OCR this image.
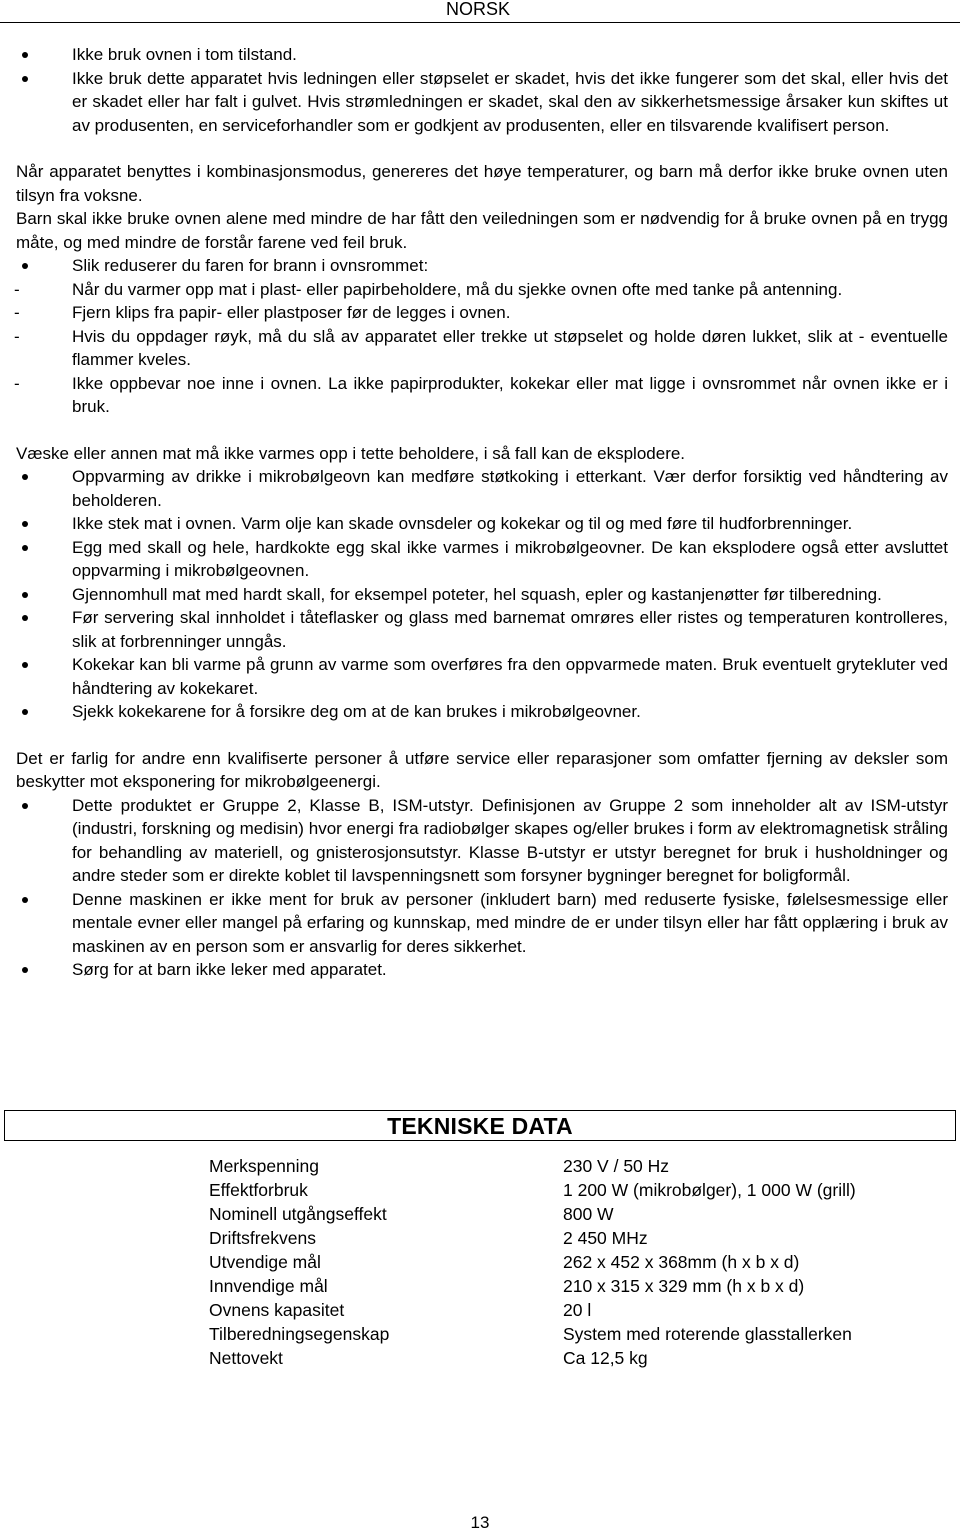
NORSK
Ikke bruk ovnen i tom tilstand.
Ikke bruk dette apparatet hvis ledningen eller støpselet er skadet, hvis det ikke fungerer som det skal, eller hvis det er skadet eller har falt i gulvet. Hvis strømledningen er skadet, skal den av sikkerhetsmessige årsaker kun skiftes ut av produsenten, en serviceforhandler som er godkjent av produsenten, eller en tilsvarende kvalifisert person.

Når apparatet benyttes i kombinasjonsmodus, genereres det høye temperaturer, og barn må derfor ikke bruke ovnen uten tilsyn fra voksne.

Barn skal ikke bruke ovnen alene med mindre de har fått den veiledningen som er nødvendig for å bruke ovnen på en trygg måte, og med mindre de forstår farene ved feil bruk.

Slik reduserer du faren for brann i ovnsrommet:
-	Når du varmer opp mat i plast- eller papirbeholdere, må du sjekke ovnen ofte med tanke på antenning.
-	Fjern klips fra papir- eller plastposer før de legges i ovnen.
-	Hvis du oppdager røyk, må du slå av apparatet eller trekke ut støpselet og holde døren lukket, slik at - eventuelle flammer kveles.
-	Ikke oppbevar noe inne i ovnen. La ikke papirprodukter, kokekar eller mat ligge i ovnsrommet når ovnen ikke er i bruk.

Væske eller annen mat må ikke varmes opp i tette beholdere, i så fall kan de eksplodere.

Oppvarming av drikke i mikrobølgeovn kan medføre støtkoking i etterkant. Vær derfor forsiktig ved håndtering av beholderen.
Ikke stek mat i ovnen. Varm olje kan skade ovnsdeler og kokekar og til og med føre til hudforbrenninger.
Egg med skall og hele, hardkokte egg skal ikke varmes i mikrobølgeovner. De kan eksplodere også etter avsluttet oppvarming i mikrobølgeovnen.
Gjennomhull mat med hardt skall, for eksempel poteter, hel squash, epler og kastanjenøtter før tilberedning.
Før servering skal innholdet i tåteflasker og glass med barnemat omrøres eller ristes og temperaturen kontrolleres, slik at forbrenninger unngås.
Kokekar kan bli varme på grunn av varme som overføres fra den oppvarmede maten. Bruk eventuelt grytekluter ved håndtering av kokekaret.
Sjekk kokekarene for å forsikre deg om at de kan brukes i mikrobølgeovner.

Det er farlig for andre enn kvalifiserte personer å utføre service eller reparasjoner som omfatter fjerning av deksler som beskytter mot eksponering for mikrobølgeenergi.

Dette produktet er Gruppe 2, Klasse B, ISM-utstyr. Definisjonen av Gruppe 2 som inneholder alt av ISM-utstyr (industri, forskning og medisin) hvor energi fra radiobølger skapes og/eller brukes i form av elektromagnetisk stråling for behandling av materiell, og gnisterosjonsutstyr. Klasse B-utstyr er utstyr beregnet for bruk i husholdninger og andre steder som er direkte koblet til lavspenningsnett som forsyner bygninger beregnet for boligformål.
Denne maskinen er ikke ment for bruk av personer (inkludert barn) med reduserte fysiske, følelsesmessige eller mentale evner eller mangel på erfaring og kunnskap, med mindre de er under tilsyn eller har fått opplæring i bruk av maskinen av en person som er ansvarlig for deres sikkerhet.
Sørg for at barn ikke leker med apparatet.
TEKNISKE DATA
Merkspenning	230 V / 50 Hz
Effektforbruk	1 200 W (mikrobølger), 1 000 W (grill)
Nominell utgångseffekt	800 W
Driftsfrekvens	2 450 MHz
Utvendige mål	262 x 452 x 368mm (h x b x d)
Innvendige mål	210 x 315 x 329 mm (h x b x d)
Ovnens kapasitet	20 l
Tilberedningsegenskap	System med roterende glasstallerken
Nettovekt	Ca 12,5 kg
13
